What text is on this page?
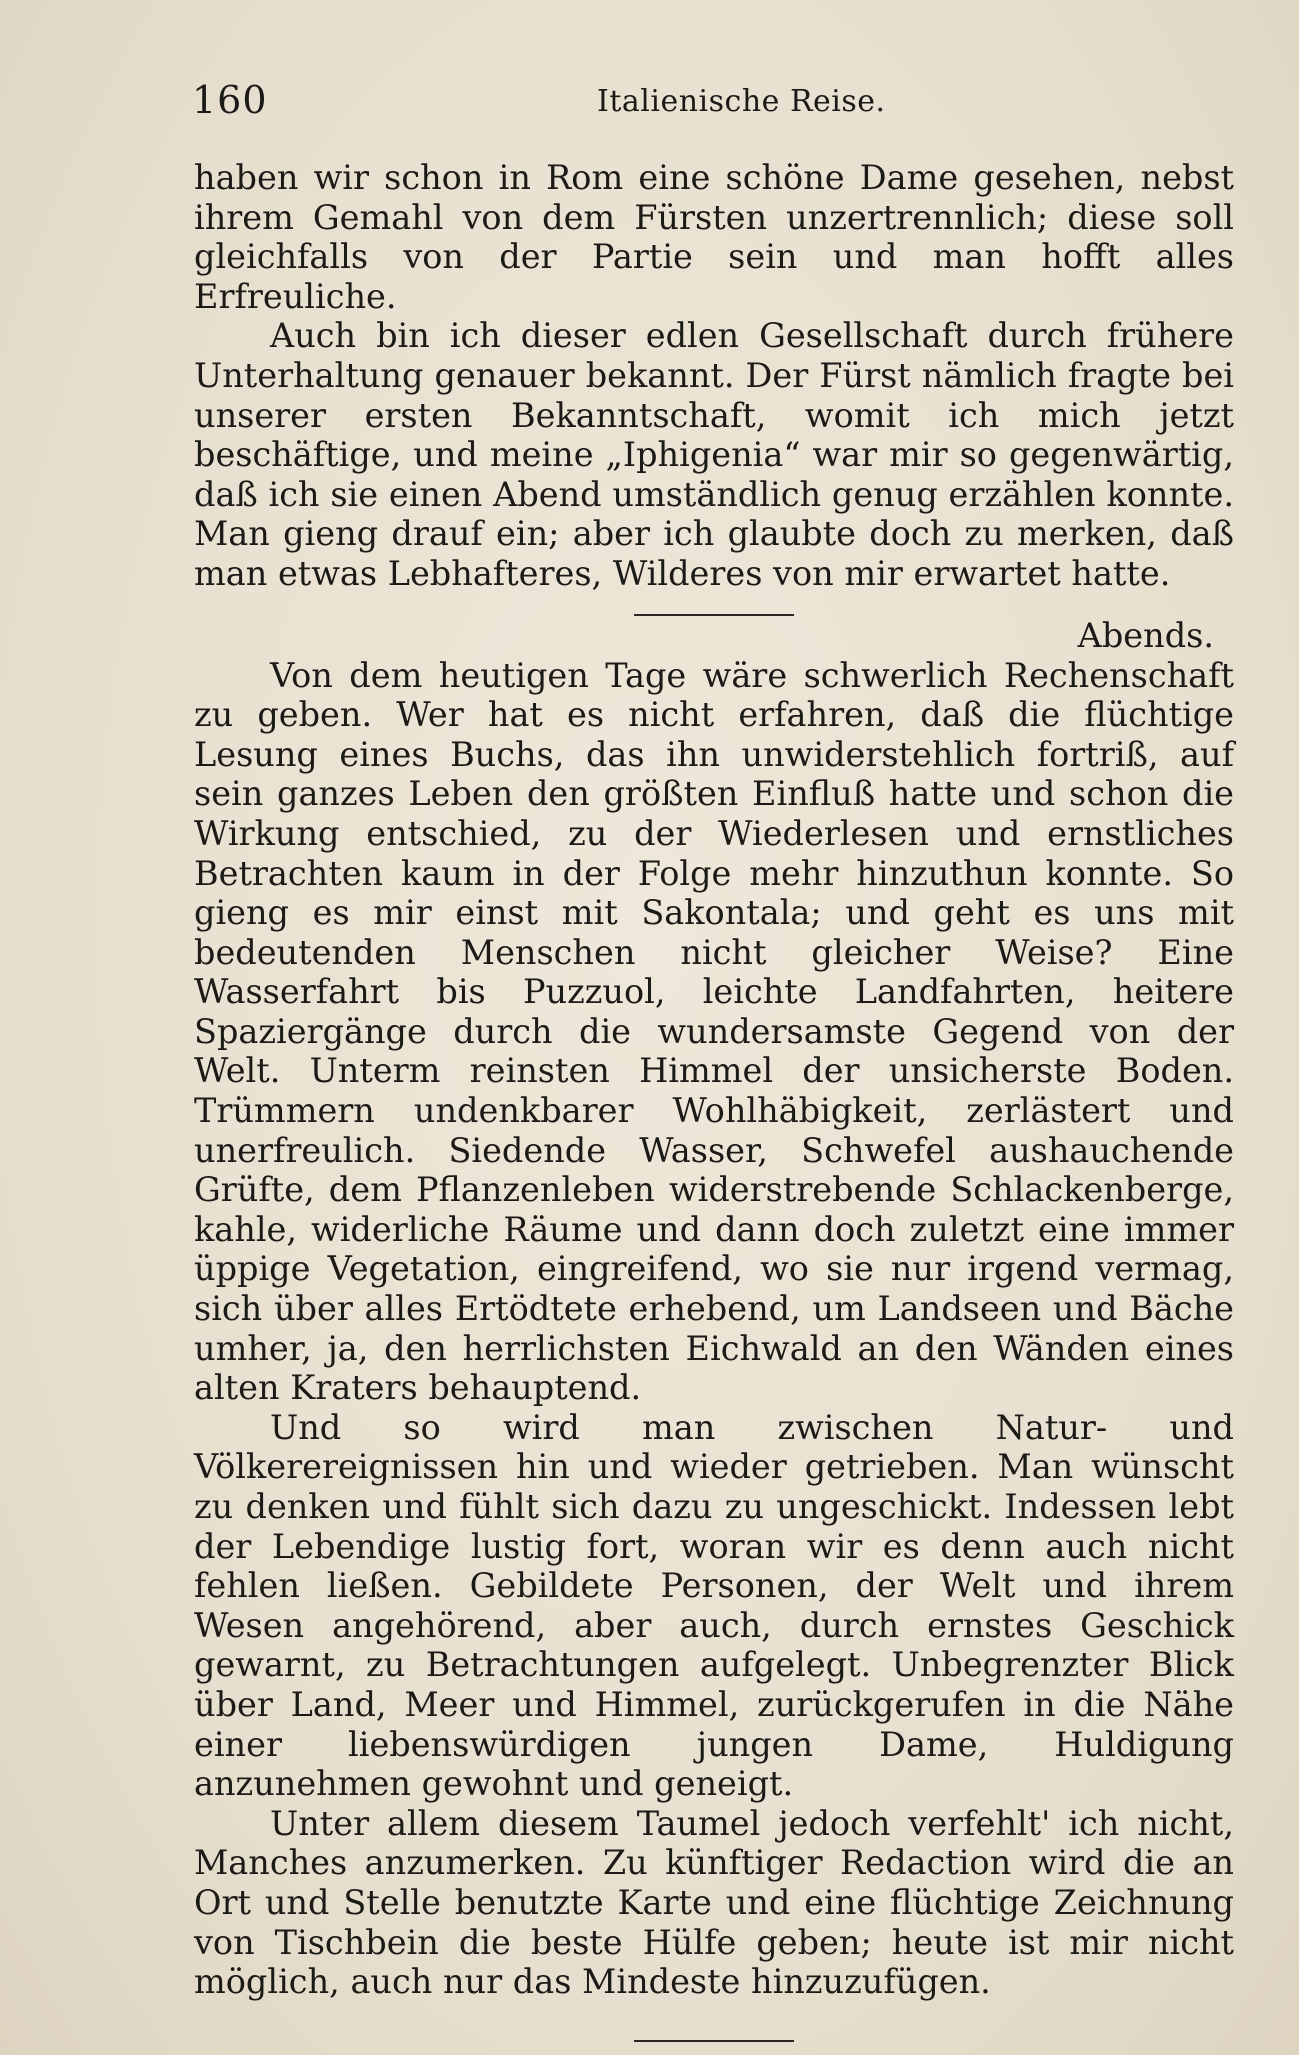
160	Italienische Reise.

haben wir schon in Rom eine schöne Dame gesehen, nebst ihrem Gemahl von dem Fürsten unzertrennlich; diese soll gleichfalls von der Partie sein und man hofft alles Erfreuliche.

Auch bin ich dieser edlen Gesellschaft durch frühere Unterhaltung genauer bekannt. Der Fürst nämlich fragte bei unserer ersten Bekanntschaft, womit ich mich jetzt beschäftige, und meine „Iphigenia“ war mir so gegenwärtig, daß ich sie einen Abend umständlich genug erzählen konnte. Man gieng drauf ein; aber ich glaubte doch zu merken, daß man etwas Lebhafteres, Wilderes von mir erwartet hatte.

Abends.

Von dem heutigen Tage wäre schwerlich Rechenschaft zu geben. Wer hat es nicht erfahren, daß die flüchtige Lesung eines Buchs, das ihn unwiderstehlich fortriß, auf sein ganzes Leben den größten Einfluß hatte und schon die Wirkung entschied, zu der Wiederlesen und ernstliches Betrachten kaum in der Folge mehr hinzuthun konnte. So gieng es mir einst mit Sakontala; und geht es uns mit bedeutenden Menschen nicht gleicher Weise? Eine Wasserfahrt bis Puzzuol, leichte Landfahrten, heitere Spaziergänge durch die wundersamste Gegend von der Welt. Unterm reinsten Himmel der unsicherste Boden. Trümmern undenkbarer Wohlhäbigkeit, zerlästert und unerfreulich. Siedende Wasser, Schwefel aushauchende Grüfte, dem Pflanzenleben widerstrebende Schlackenberge, kahle, widerliche Räume und dann doch zuletzt eine immer üppige Vegetation, eingreifend, wo sie nur irgend vermag, sich über alles Ertödtete erhebend, um Landseen und Bäche umher, ja, den herrlichsten Eichwald an den Wänden eines alten Kraters behauptend.

Und so wird man zwischen Natur- und Völkerereignissen hin und wieder getrieben. Man wünscht zu denken und fühlt sich dazu zu ungeschickt. Indessen lebt der Lebendige lustig fort, woran wir es denn auch nicht fehlen ließen. Gebildete Personen, der Welt und ihrem Wesen angehörend, aber auch, durch ernstes Geschick gewarnt, zu Betrachtungen aufgelegt. Unbegrenzter Blick über Land, Meer und Himmel, zurückgerufen in die Nähe einer liebenswürdigen jungen Dame, Huldigung anzunehmen gewohnt und geneigt.

Unter allem diesem Taumel jedoch verfehlt' ich nicht, Manches anzumerken. Zu künftiger Redaction wird die an Ort und Stelle benutzte Karte und eine flüchtige Zeichnung von Tischbein die beste Hülfe geben; heute ist mir nicht möglich, auch nur das Mindeste hinzuzufügen.
